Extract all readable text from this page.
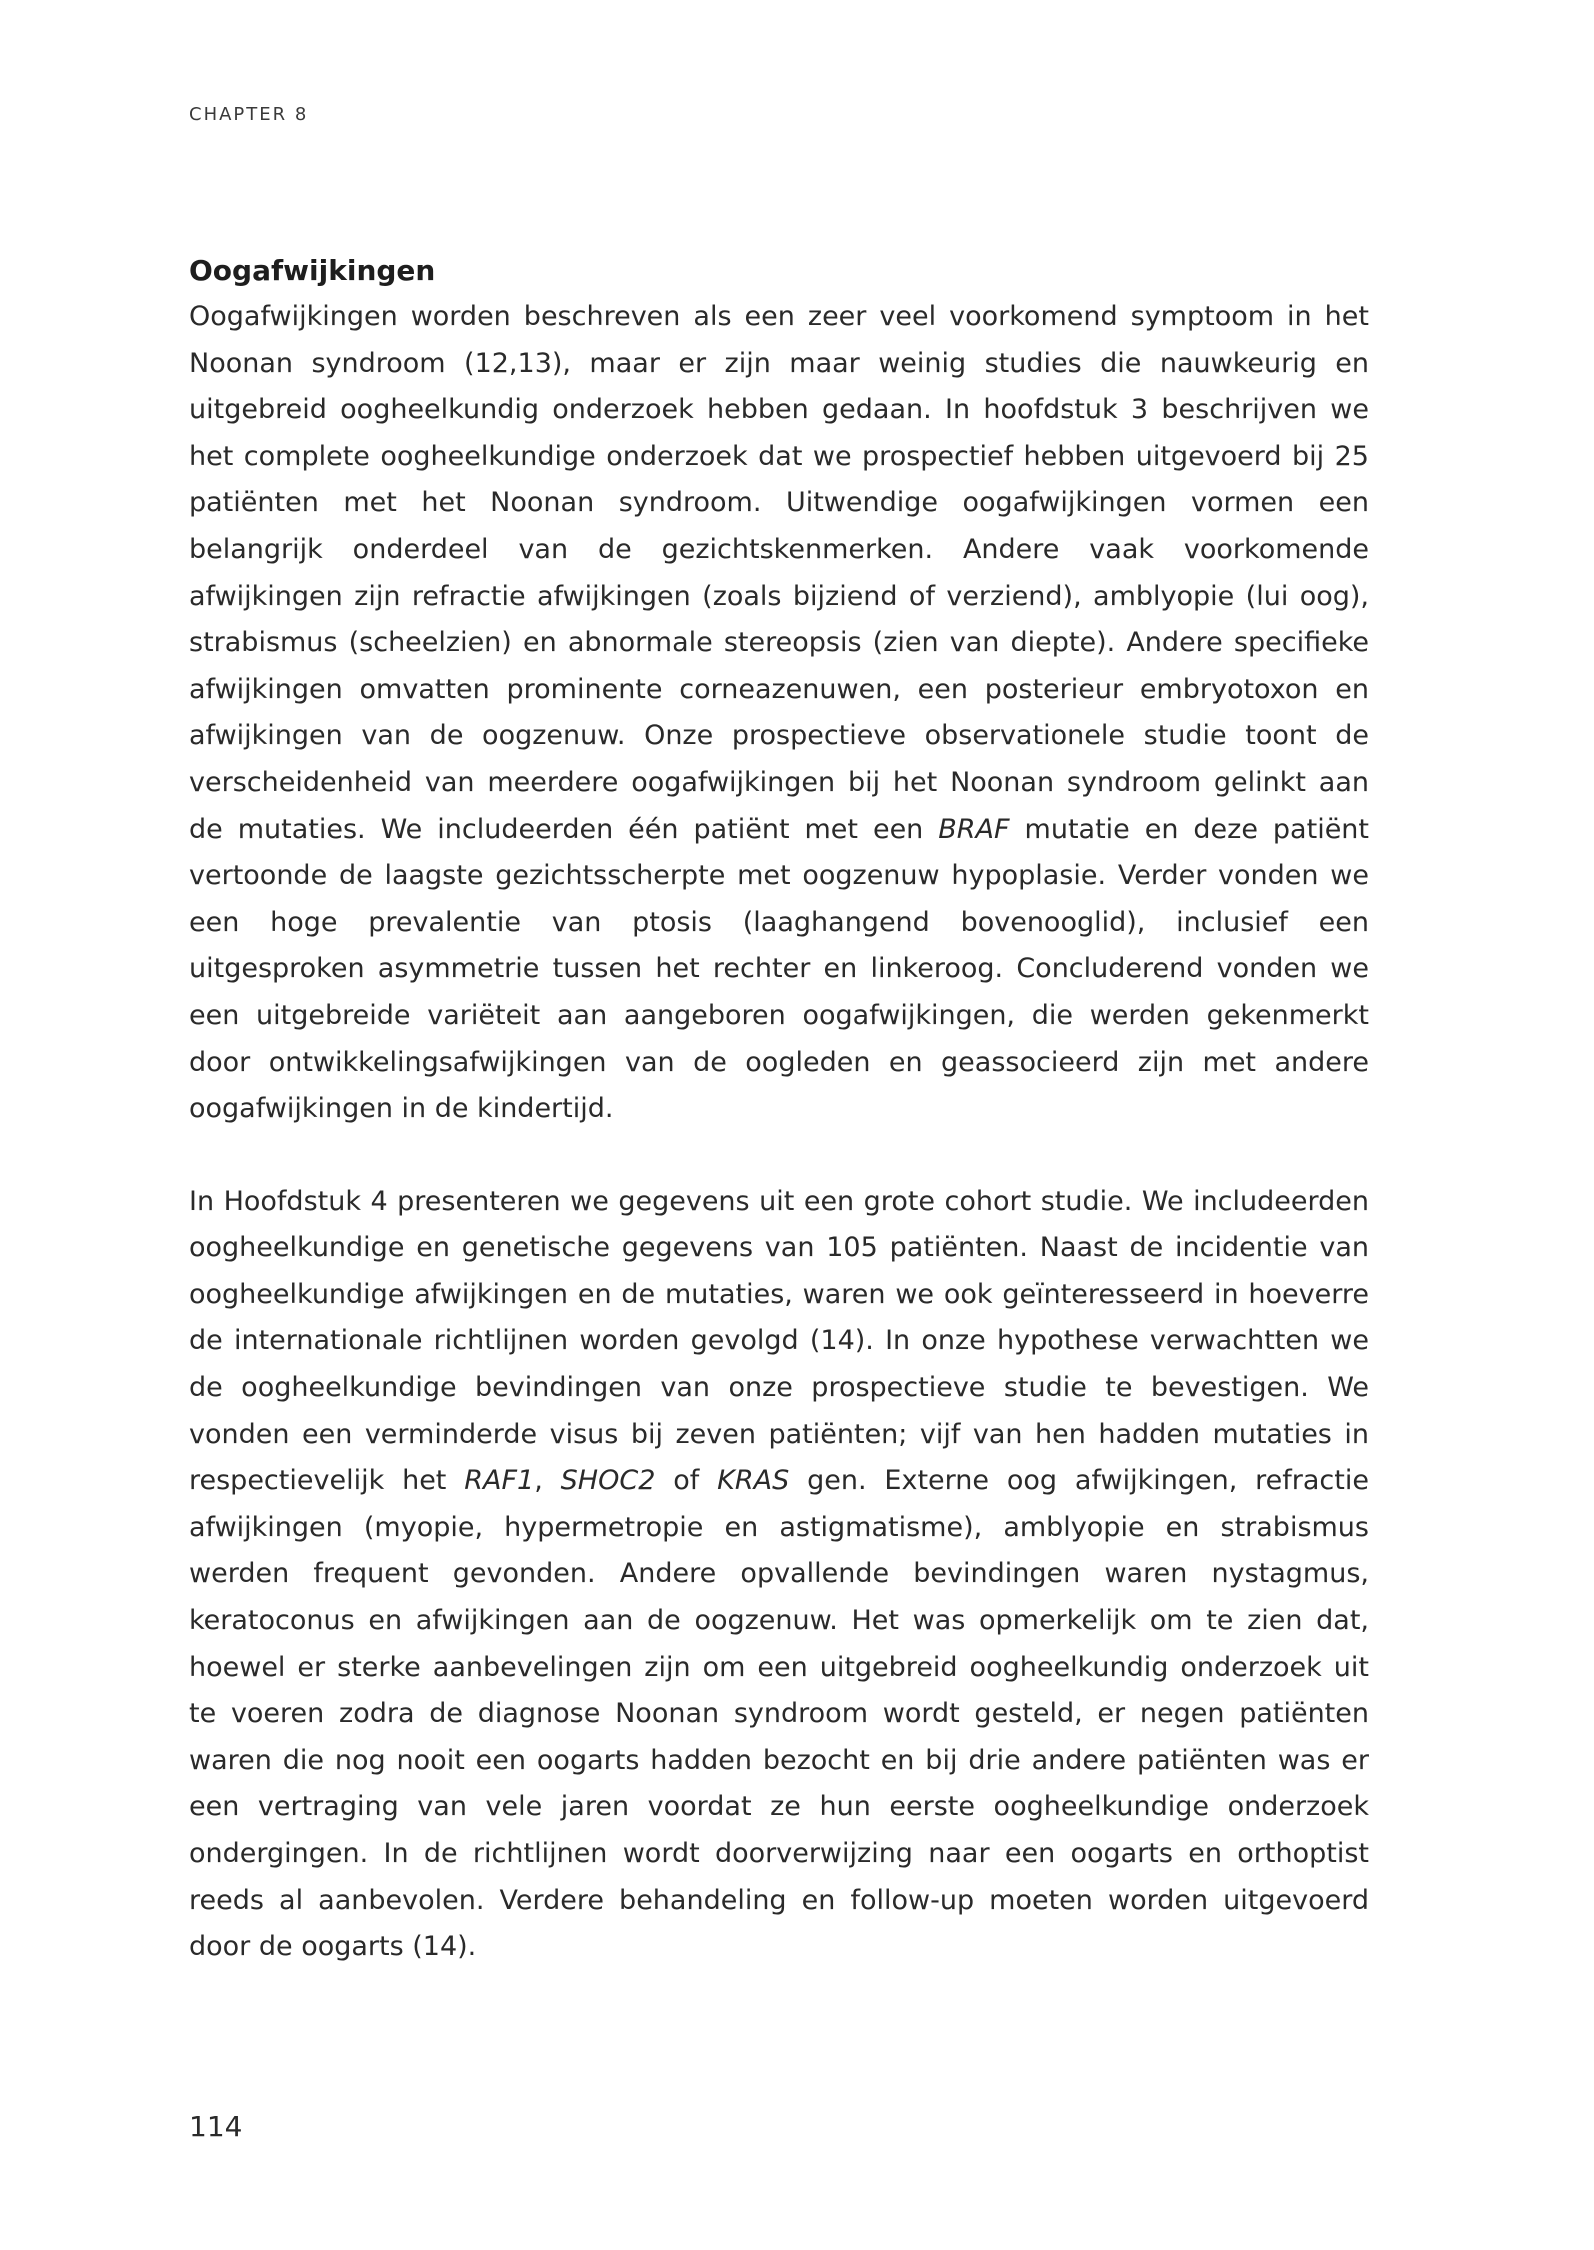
CHAPTER 8
Oogafwijkingen

Oogafwijkingen worden beschreven als een zeer veel voorkomend symptoom in het Noonan syndroom (12,13), maar er zijn maar weinig studies die nauwkeurig en uitgebreid oogheelkundig onderzoek hebben gedaan. In hoofdstuk 3 beschrijven we het complete oogheelkundige onderzoek dat we prospectief hebben uitgevoerd bij 25 patiënten met het Noonan syndroom. Uitwendige oogafwijkingen vormen een belangrijk onderdeel van de gezichtskenmerken. Andere vaak voorkomende afwijkingen zijn refractie afwijkingen (zoals bijziend of verziend), amblyopie (lui oog), strabismus (scheelzien) en abnormale stereopsis (zien van diepte). Andere specifieke afwijkingen omvatten prominente corneazenuwen, een posterieur embryotoxon en afwijkingen van de oogzenuw. Onze prospectieve observationele studie toont de verscheidenheid van meerdere oogafwijkingen bij het Noonan syndroom gelinkt aan de mutaties. We includeerden één patiënt met een BRAF mutatie en deze patiënt vertoonde de laagste gezichtsscherpte met oogzenuw hypoplasie. Verder vonden we een hoge prevalentie van ptosis (laaghangend bovenooglid), inclusief een uitgesproken asymmetrie tussen het rechter en linkeroog. Concluderend vonden we een uitgebreide variëteit aan aangeboren oogafwijkingen, die werden gekenmerkt door ontwikkelingsafwijkingen van de oogleden en geassocieerd zijn met andere oogafwijkingen in de kindertijd.

In Hoofdstuk 4 presenteren we gegevens uit een grote cohort studie. We includeerden oogheelkundige en genetische gegevens van 105 patiënten. Naast de incidentie van oogheelkundige afwijkingen en de mutaties, waren we ook geïnteresseerd in hoeverre de internationale richtlijnen worden gevolgd (14). In onze hypothese verwachtten we de oogheelkundige bevindingen van onze prospectieve studie te bevestigen. We vonden een verminderde visus bij zeven patiënten; vijf van hen hadden mutaties in respectievelijk het RAF1, SHOC2 of KRAS gen. Externe oog afwijkingen, refractie afwijkingen (myopie, hypermetropie en astigmatisme), amblyopie en strabismus werden frequent gevonden. Andere opvallende bevindingen waren nystagmus, keratoconus en afwijkingen aan de oogzenuw. Het was opmerkelijk om te zien dat, hoewel er sterke aanbevelingen zijn om een uitgebreid oogheelkundig onderzoek uit te voeren zodra de diagnose Noonan syndroom wordt gesteld, er negen patiënten waren die nog nooit een oogarts hadden bezocht en bij drie andere patiënten was er een vertraging van vele jaren voordat ze hun eerste oogheelkundige onderzoek ondergingen. In de richtlijnen wordt doorverwijzing naar een oogarts en orthoptist reeds al aanbevolen. Verdere behandeling en follow-up moeten worden uitgevoerd door de oogarts (14).

114
